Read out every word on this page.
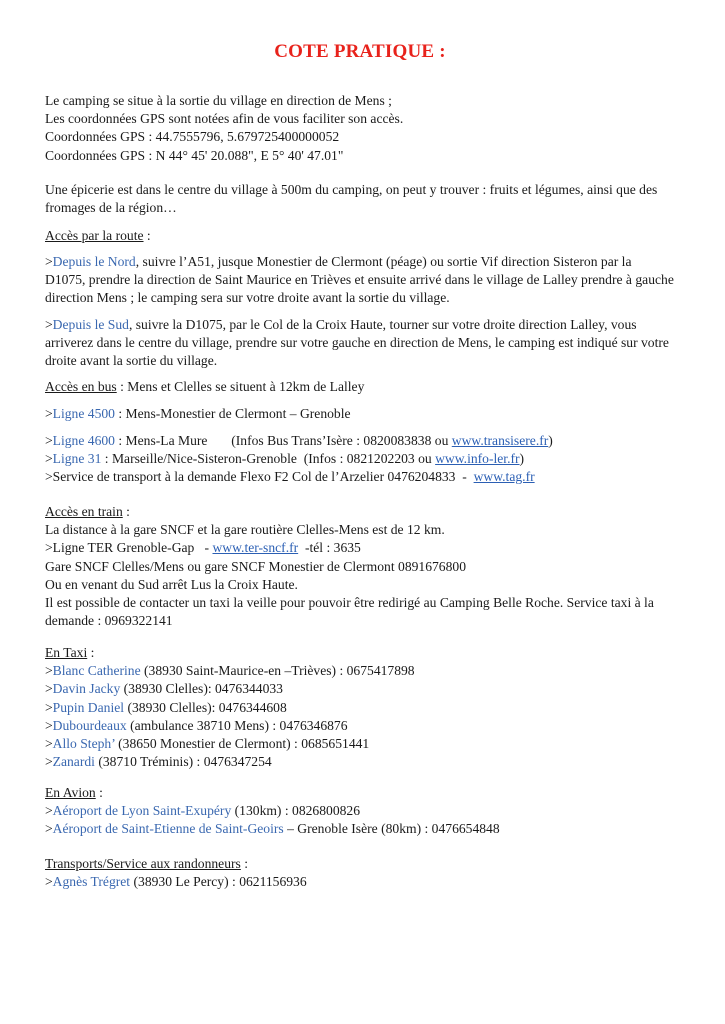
COTE PRATIQUE :
Le camping se situe à la sortie du village en direction de Mens ;
Les coordonnées GPS sont notées afin de vous faciliter son accès.
Coordonnées GPS : 44.7555796, 5.679725400000052
Coordonnées GPS : N 44° 45' 20.088", E 5° 40' 47.01"
Une épicerie est dans le centre du village à 500m du camping, on peut y trouver : fruits et légumes, ainsi que des fromages de la région…
Accès par la route :
>Depuis le Nord, suivre l’A51, jusque Monestier de Clermont (péage) ou sortie Vif direction Sisteron par la D1075, prendre la direction de Saint Maurice en Trièves et ensuite arrivé dans le village de Lalley prendre à gauche direction Mens ; le camping sera sur votre droite avant la sortie du village.
>Depuis le Sud, suivre la D1075, par le Col de la Croix Haute, tourner sur votre droite direction Lalley, vous arriverez dans le centre du village, prendre sur votre gauche en direction de Mens, le camping est indiqué sur votre droite avant la sortie du village.
Accès en bus : Mens et Clelles se situent à 12km de Lalley
>Ligne 4500 : Mens-Monestier de Clermont – Grenoble
>Ligne 4600 : Mens-La Mure       (Infos Bus Trans’Isère : 0820083838 ou www.transisere.fr)
>Ligne 31 : Marseille/Nice-Sisteron-Grenoble  (Infos : 0821202203 ou www.info-ler.fr)
>Service de transport à la demande Flexo F2 Col de l’Arzelier 0476204833  -  www.tag.fr
Accès en train :
La distance à la gare SNCF et la gare routière Clelles-Mens est de 12 km.
>Ligne TER Grenoble-Gap   - www.ter-sncf.fr  -tél : 3635
Gare SNCF Clelles/Mens ou gare SNCF Monestier de Clermont 0891676800
Ou en venant du Sud arrêt Lus la Croix Haute.
Il est possible de contacter un taxi la veille pour pouvoir être redirigé au Camping Belle Roche. Service taxi à la demande : 0969322141
En Taxi :
>Blanc Catherine (38930 Saint-Maurice-en –Trièves) : 0675417898
>Davin Jacky (38930 Clelles): 0476344033
>Pupin Daniel (38930 Clelles): 0476344608
>Dubourdeaux (ambulance 38710 Mens) : 0476346876
>Allo Steph’ (38650 Monestier de Clermont) : 0685651441
>Zanardi (38710 Tréminis) : 0476347254
En Avion :
>Aéroport de Lyon Saint-Exupéry (130km) : 0826800826
>Aéroport de Saint-Etienne de Saint-Geoirs – Grenoble Isère (80km) : 0476654848
Transports/Service aux randonneurs :
>Agnès Trégret (38930 Le Percy) : 0621156936
